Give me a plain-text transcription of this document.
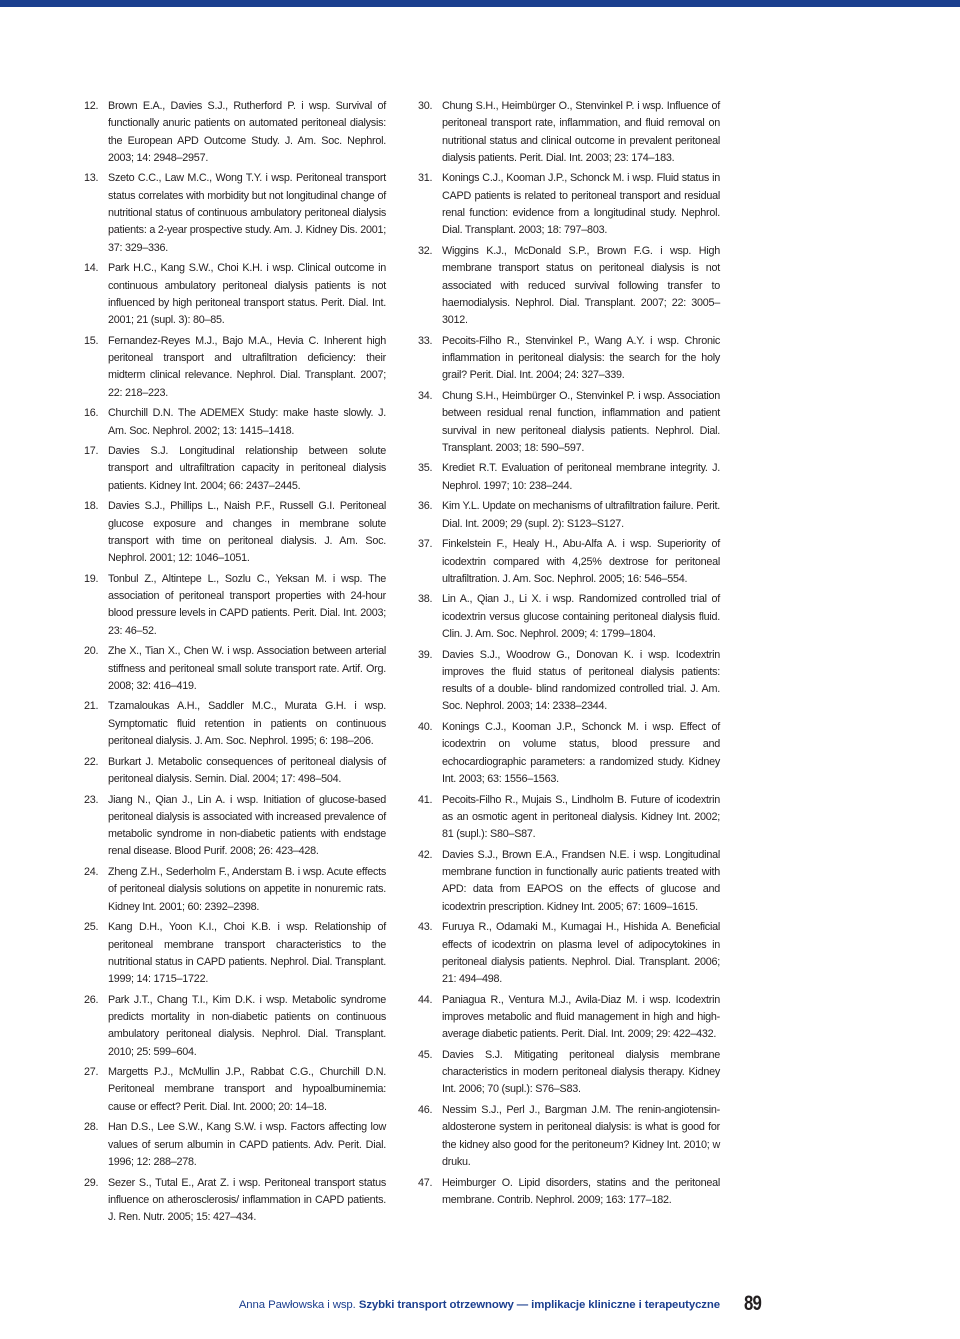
12. Brown E.A., Davies S.J., Rutherford P. i wsp. Survival of functionally anuric patients on automated peritoneal dialysis: the European APD Outcome Study. J. Am. Soc. Nephrol. 2003; 14: 2948–2957.
13. Szeto C.C., Law M.C., Wong T.Y. i wsp. Peritoneal transport status correlates with morbidity but not longitudinal change of nutritional status of continuous ambulatory peritoneal dialysis patients: a 2-year prospective study. Am. J. Kidney Dis. 2001; 37: 329–336.
14. Park H.C., Kang S.W., Choi K.H. i wsp. Clinical outcome in continuous ambulatory peritoneal dialysis patients is not influenced by high peritoneal transport status. Perit. Dial. Int. 2001; 21 (supl. 3): 80–85.
15. Fernandez-Reyes M.J., Bajo M.A., Hevia C. Inherent high peritoneal transport and ultrafiltration deficiency: their midterm clinical relevance. Nephrol. Dial. Transplant. 2007; 22: 218–223.
16. Churchill D.N. The ADEMEX Study: make haste slowly. J. Am. Soc. Nephrol. 2002; 13: 1415–1418.
17. Davies S.J. Longitudinal relationship between solute transport and ultrafiltration capacity in peritoneal dialysis patients. Kidney Int. 2004; 66: 2437–2445.
18. Davies S.J., Phillips L., Naish P.F., Russell G.I. Peritoneal glucose exposure and changes in membrane solute transport with time on peritoneal dialysis. J. Am. Soc. Nephrol. 2001; 12: 1046–1051.
19. Tonbul Z., Altintepe L., Sozlu C., Yeksan M. i wsp. The association of peritoneal transport properties with 24-hour blood pressure levels in CAPD patients. Perit. Dial. Int. 2003; 23: 46–52.
20. Zhe X., Tian X., Chen W. i wsp. Association between arterial stiffness and peritoneal small solute transport rate. Artif. Org. 2008; 32: 416–419.
21. Tzamaloukas A.H., Saddler M.C., Murata G.H. i wsp. Symptomatic fluid retention in patients on continuous peritoneal dialysis. J. Am. Soc. Nephrol. 1995; 6: 198–206.
22. Burkart J. Metabolic consequences of peritoneal dialysis of peritoneal dialysis. Semin. Dial. 2004; 17: 498–504.
23. Jiang N., Qian J., Lin A. i wsp. Initiation of glucose-based peritoneal dialysis is associated with increased prevalence of metabolic syndrome in non-diabetic patients with endstage renal disease. Blood Purif. 2008; 26: 423–428.
24. Zheng Z.H., Sederholm F., Anderstam B. i wsp. Acute effects of peritoneal dialysis solutions on appetite in nonuremic rats. Kidney Int. 2001; 60: 2392–2398.
25. Kang D.H., Yoon K.I., Choi K.B. i wsp. Relationship of peritoneal membrane transport characteristics to the nutritional status in CAPD patients. Nephrol. Dial. Transplant. 1999; 14: 1715–1722.
26. Park J.T., Chang T.I., Kim D.K. i wsp. Metabolic syndrome predicts mortality in non-diabetic patients on continuous ambulatory peritoneal dialysis. Nephrol. Dial. Transplant. 2010; 25: 599–604.
27. Margetts P.J., McMullin J.P., Rabbat C.G., Churchill D.N. Peritoneal membrane transport and hypoalbuminemia: cause or effect? Perit. Dial. Int. 2000; 20: 14–18.
28. Han D.S., Lee S.W., Kang S.W. i wsp. Factors affecting low values of serum albumin in CAPD patients. Adv. Perit. Dial. 1996; 12: 288–278.
29. Sezer S., Tutal E., Arat Z. i wsp. Peritoneal transport status influence on atherosclerosis/ inflammation in CAPD patients. J. Ren. Nutr. 2005; 15: 427–434.
30. Chung S.H., Heimbürger O., Stenvinkel P. i wsp. Influence of peritoneal transport rate, inflammation, and fluid removal on nutritional status and clinical outcome in prevalent peritoneal dialysis patients. Perit. Dial. Int. 2003; 23: 174–183.
31. Konings C.J., Kooman J.P., Schonck M. i wsp. Fluid status in CAPD patients is related to peritoneal transport and residual renal function: evidence from a longitudinal study. Nephrol. Dial. Transplant. 2003; 18: 797–803.
32. Wiggins K.J., McDonald S.P., Brown F.G. i wsp. High membrane transport status on peritoneal dialysis is not associated with reduced survival following transfer to haemodialysis. Nephrol. Dial. Transplant. 2007; 22: 3005–3012.
33. Pecoits-Filho R., Stenvinkel P., Wang A.Y. i wsp. Chronic inflammation in peritoneal dialysis: the search for the holy grail? Perit. Dial. Int. 2004; 24: 327–339.
34. Chung S.H., Heimbürger O., Stenvinkel P. i wsp. Association between residual renal function, inflammation and patient survival in new peritoneal dialysis patients. Nephrol. Dial. Transplant. 2003; 18: 590–597.
35. Krediet R.T. Evaluation of peritoneal membrane integrity. J. Nephrol. 1997; 10: 238–244.
36. Kim Y.L. Update on mechanisms of ultrafiltration failure. Perit. Dial. Int. 2009; 29 (supl. 2): S123–S127.
37. Finkelstein F., Healy H., Abu-Alfa A. i wsp. Superiority of icodextrin compared with 4,25% dextrose for peritoneal ultrafiltration. J. Am. Soc. Nephrol. 2005; 16: 546–554.
38. Lin A., Qian J., Li X. i wsp. Randomized controlled trial of icodextrin versus glucose containing peritoneal dialysis fluid. Clin. J. Am. Soc. Nephrol. 2009; 4: 1799–1804.
39. Davies S.J., Woodrow G., Donovan K. i wsp. Icodextrin improves the fluid status of peritoneal dialysis patients: results of a double- blind randomized controlled trial. J. Am. Soc. Nephrol. 2003; 14: 2338–2344.
40. Konings C.J., Kooman J.P., Schonck M. i wsp. Effect of icodextrin on volume status, blood pressure and echocardiographic parameters: a randomized study. Kidney Int. 2003; 63: 1556–1563.
41. Pecoits-Filho R., Mujais S., Lindholm B. Future of icodextrin as an osmotic agent in peritoneal dialysis. Kidney Int. 2002; 81 (supl.): S80–S87.
42. Davies S.J., Brown E.A., Frandsen N.E. i wsp. Longitudinal membrane function in functionally auric patients treated with APD: data from EAPOS on the effects of glucose and icodextrin prescription. Kidney Int. 2005; 67: 1609–1615.
43. Furuya R., Odamaki M., Kumagai H., Hishida A. Beneficial effects of icodextrin on plasma level of adipocytokines in peritoneal dialysis patients. Nephrol. Dial. Transplant. 2006; 21: 494–498.
44. Paniagua R., Ventura M.J., Avila-Diaz M. i wsp. Icodextrin improves metabolic and fluid management in high and high-average diabetic patients. Perit. Dial. Int. 2009; 29: 422–432.
45. Davies S.J. Mitigating peritoneal dialysis membrane characteristics in modern peritoneal dialysis therapy. Kidney Int. 2006; 70 (supl.): S76–S83.
46. Nessim S.J., Perl J., Bargman J.M. The renin-angiotensin-aldosterone system in peritoneal dialysis: is what is good for the kidney also good for the peritoneum? Kidney Int. 2010; w druku.
47. Heimburger O. Lipid disorders, statins and the peritoneal membrane. Contrib. Nephrol. 2009; 163: 177–182.
Anna Pawłowska i wsp. Szybki transport otrzewnowy — implikacje kliniczne i terapeutyczne 89
